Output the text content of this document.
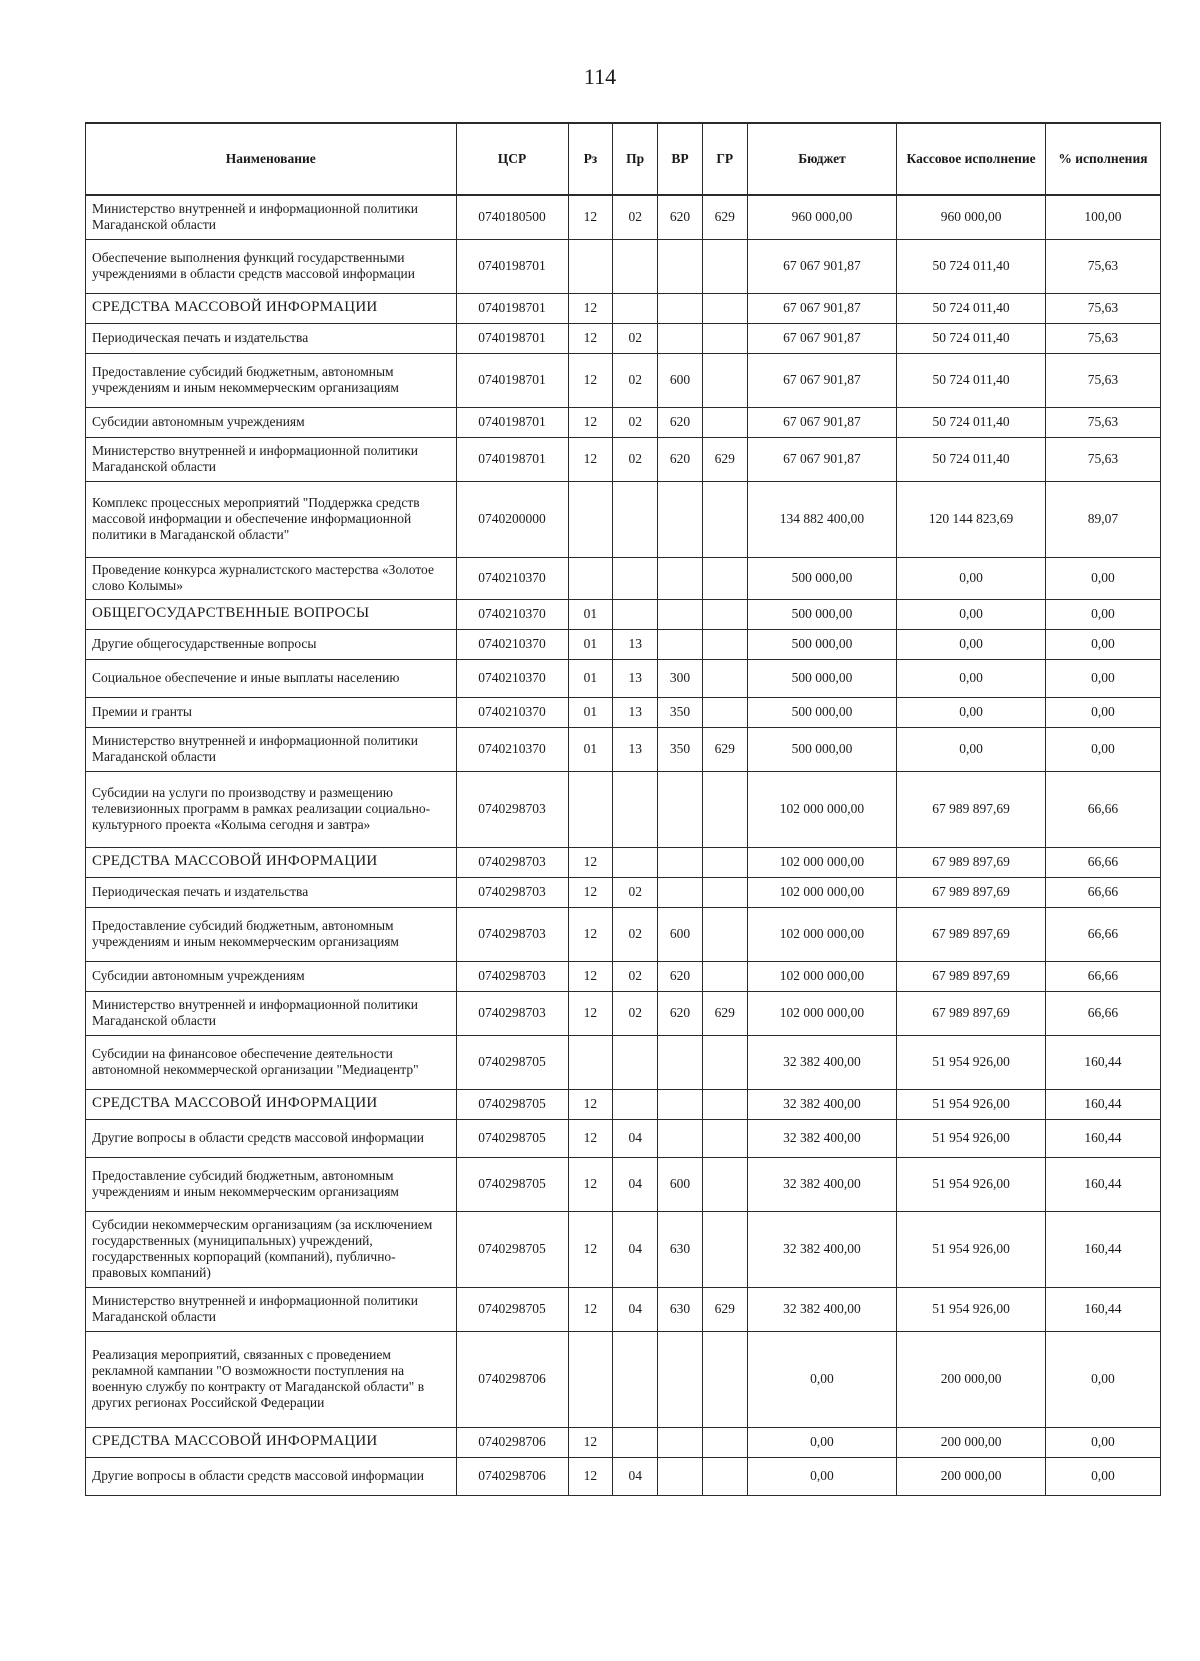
114
Наименование	ЦСР	Рз	Пр	ВР	ГР	Бюджет	Кассовое исполнение	% исполнения
Министерство внутренней и информационной политики Магаданской области	0740180500	12	02	620	629	960 000,00	960 000,00	100,00
Обеспечение выполнения функций государственными учреждениями в области средств массовой информации	0740198701					67 067 901,87	50 724 011,40	75,63
СРЕДСТВА МАССОВОЙ ИНФОРМАЦИИ	0740198701	12				67 067 901,87	50 724 011,40	75,63
Периодическая печать и издательства	0740198701	12	02			67 067 901,87	50 724 011,40	75,63
Предоставление субсидий бюджетным, автономным учреждениям и иным некоммерческим организациям	0740198701	12	02	600		67 067 901,87	50 724 011,40	75,63
Субсидии автономным учреждениям	0740198701	12	02	620		67 067 901,87	50 724 011,40	75,63
Министерство внутренней и информационной политики Магаданской области	0740198701	12	02	620	629	67 067 901,87	50 724 011,40	75,63
Комплекс процессных мероприятий "Поддержка средств массовой информации и обеспечение информационной политики в Магаданской области"	0740200000					134 882 400,00	120 144 823,69	89,07
Проведение конкурса журналистского мастерства «Золотое слово Колымы»	0740210370					500 000,00	0,00	0,00
ОБЩЕГОСУДАРСТВЕННЫЕ ВОПРОСЫ	0740210370	01				500 000,00	0,00	0,00
Другие общегосударственные вопросы	0740210370	01	13			500 000,00	0,00	0,00
Социальное обеспечение и иные выплаты населению	0740210370	01	13	300		500 000,00	0,00	0,00
Премии и гранты	0740210370	01	13	350		500 000,00	0,00	0,00
Министерство внутренней и информационной политики Магаданской области	0740210370	01	13	350	629	500 000,00	0,00	0,00
Субсидии на услуги по производству и размещению телевизионных программ в рамках реализации социально-культурного проекта «Колыма сегодня и завтра»	0740298703					102 000 000,00	67 989 897,69	66,66
СРЕДСТВА МАССОВОЙ ИНФОРМАЦИИ	0740298703	12				102 000 000,00	67 989 897,69	66,66
Периодическая печать и издательства	0740298703	12	02			102 000 000,00	67 989 897,69	66,66
Предоставление субсидий бюджетным, автономным учреждениям и иным некоммерческим организациям	0740298703	12	02	600		102 000 000,00	67 989 897,69	66,66
Субсидии автономным учреждениям	0740298703	12	02	620		102 000 000,00	67 989 897,69	66,66
Министерство внутренней и информационной политики Магаданской области	0740298703	12	02	620	629	102 000 000,00	67 989 897,69	66,66
Субсидии на финансовое обеспечение деятельности автономной некоммерческой организации "Медиацентр"	0740298705					32 382 400,00	51 954 926,00	160,44
СРЕДСТВА МАССОВОЙ ИНФОРМАЦИИ	0740298705	12				32 382 400,00	51 954 926,00	160,44
Другие вопросы в области средств массовой информации	0740298705	12	04			32 382 400,00	51 954 926,00	160,44
Предоставление субсидий бюджетным, автономным учреждениям и иным некоммерческим организациям	0740298705	12	04	600		32 382 400,00	51 954 926,00	160,44
Субсидии некоммерческим организациям (за исключением государственных (муниципальных) учреждений, государственных корпораций (компаний), публично-правовых компаний)	0740298705	12	04	630		32 382 400,00	51 954 926,00	160,44
Министерство внутренней и информационной политики Магаданской области	0740298705	12	04	630	629	32 382 400,00	51 954 926,00	160,44
Реализация мероприятий, связанных с проведением рекламной кампании "О возможности поступления на военную службу по контракту от Магаданской области" в других регионах Российской Федерации	0740298706					0,00	200 000,00	0,00
СРЕДСТВА МАССОВОЙ ИНФОРМАЦИИ	0740298706	12				0,00	200 000,00	0,00
Другие вопросы в области средств массовой информации	0740298706	12	04			0,00	200 000,00	0,00
